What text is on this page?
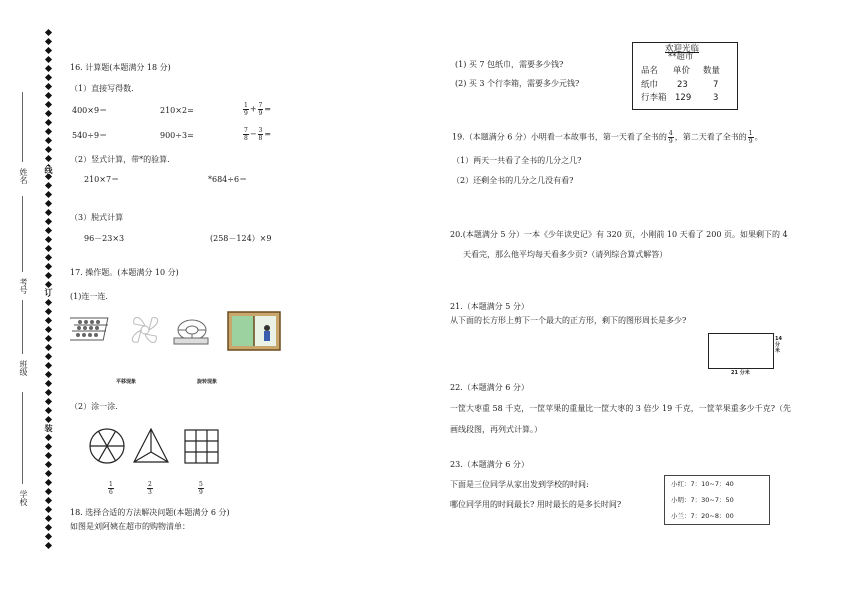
姓名
考号
班级
学校
线
订
装
16. 计算题(本题满分 18 分)
（1）直接写得数.
400×9＝	210×2=	$\frac{1}{9} + \frac{7}{9}$ =
540÷9＝	900÷3=	$\frac{7}{8} - \frac{3}{8}$ =
（2）竖式计算，带*的验算.
210×7＝	*684÷6＝
（3）脱式计算
96－23×3	(258－124）×9
17. 操作题。(本题满分 10 分)
(1)连一连.
平移现象	旋转现象
（2）涂一涂.
$\frac{1}{6}$	$\frac{2}{3}$	$\frac{5}{9}$
18. 选择合适的方法解决问题(本题满分 6 分)
如图是刘阿姨在超市的购物清单：
(1) 买 7 包纸巾，需要多少钱?
(2) 买 3 个行李箱，需要多少元钱?
欢迎光临
**超市
品名 单价 数量
纸巾 23	7
行李箱 129	3
19.（本题满分 6 分）小明看一本故事书，第一天看了全书的 $\frac{4}{9}$ ，第二天看了全书的 $\frac{1}{9}$ 。
（1）两天一共看了全书的几分之几?
（2）还剩全书的几分之几没有看?
20.(本题满分 5 分）一本《少年读史记》有 320 页，小刚前 10 天看了 200 页。如果剩下的 4
天看完，那么他平均每天看多少页?（请列综合算式解答）
21.（本题满分 5 分）
从下面的长方形上剪下一个最大的正方形，剩下的图形周长是多少?
14 分米
21 分米
22.（本题满分 6 分）
一筐大枣重 58 千克，一筐苹果的重量比一筐大枣的 3 倍少 19 千克，一筐苹果重多少千克?（先
画线段图，再列式计算。）
23.（本题满分 6 分）
下面是三位同学从家出发到学校的时间:
哪位同学用的时间最长? 用时最长的是多长时间?
小红：7：10~7：40
小明：7：30~7：50
小兰：7：20~8：00
